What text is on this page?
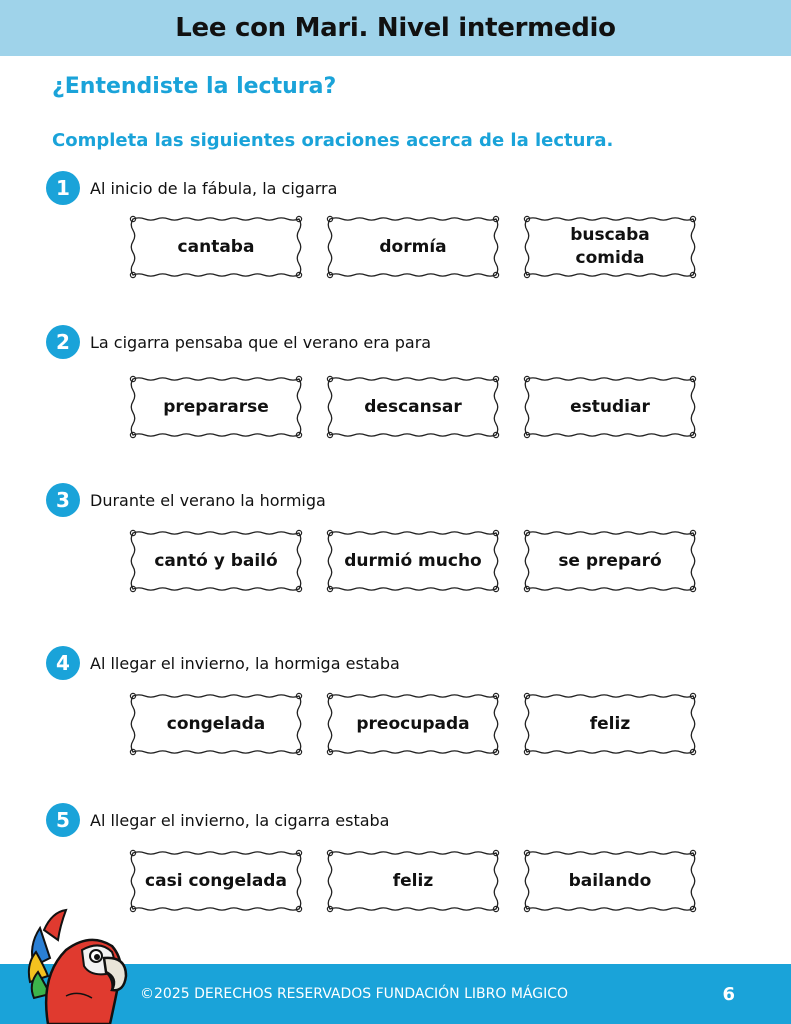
Lee con Mari. Nivel intermedio
¿Entendiste la lectura?
Completa las siguientes oraciones acerca de la lectura.
1	Al inicio de la fábula, la cigarra
cantaba	dormía
buscaba comida
2	La cigarra pensaba que el verano era para
prepararse	descansar	estudiar
3	Durante el verano la hormiga
cantó y bailó	durmió mucho	se preparó
4	Al llegar el invierno, la hormiga estaba
congelada	preocupada	feliz
5	Al llegar el invierno, la cigarra estaba
casi congelada	feliz	bailando
©2025 DERECHOS RESERVADOS FUNDACIÓN LIBRO MÁGICO	6
